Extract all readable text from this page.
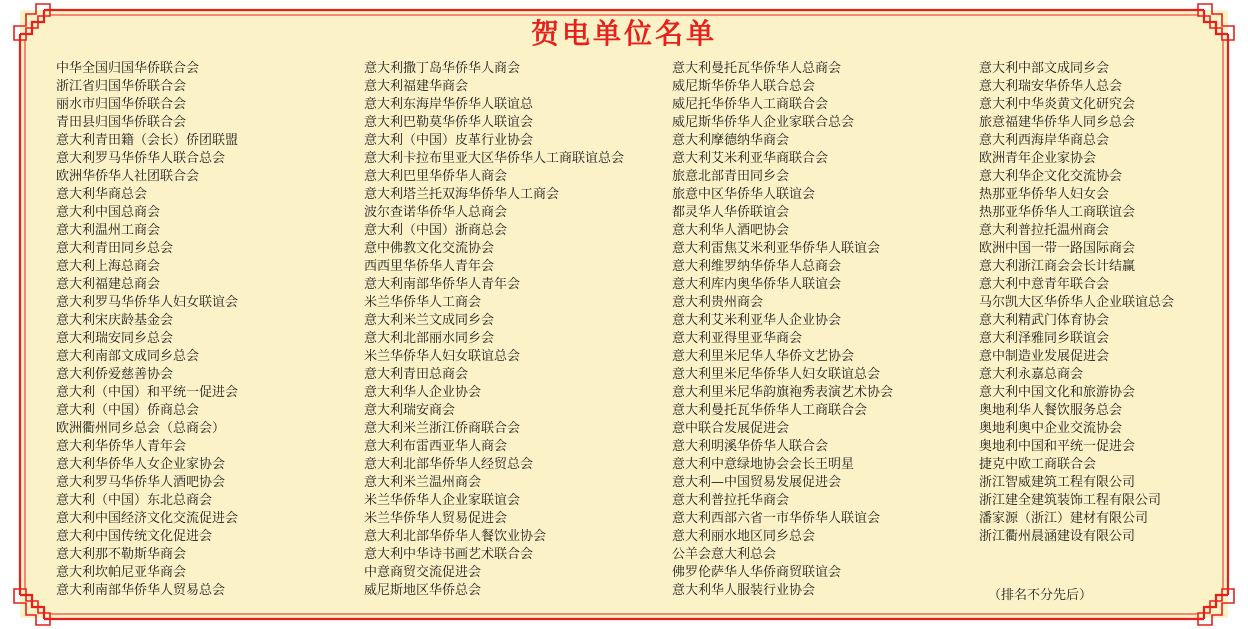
贺电单位名单
中华全国归国华侨联合会
浙江省归国华侨联合会
丽水市归国华侨联合会
青田县归国华侨联合会
意大利青田籍（会长）侨团联盟
意大利罗马华侨华人联合总会
欧洲华侨华人社团联合会
意大利华商总会
意大利中国总商会
意大利温州工商会
意大利青田同乡总会
意大利上海总商会
意大利福建总商会
意大利罗马华侨华人妇女联谊会
意大利宋庆龄基金会
意大利瑞安同乡总会
意大利南部文成同乡总会
意大利侨爱慈善协会
意大利（中国）和平统一促进会
意大利（中国）侨商总会
欧洲衢州同乡总会（总商会）
意大利华侨华人青年会
意大利华侨华人女企业家协会
意大利罗马华侨华人酒吧协会
意大利（中国）东北总商会
意大利中国经济文化交流促进会
意大利中国传统文化促进会
意大利那不勒斯华商会
意大利坎帕尼亚华商会
意大利南部华侨华人贸易总会
意大利撒丁岛华侨华人商会
意大利福建华商会
意大利东海岸华侨华人联谊总
意大利巴勒莫华侨华人联谊会
意大利（中国）皮革行业协会
意大利卡拉布里亚大区华侨华人工商联谊总会
意大利巴里华侨华人商会
意大利塔兰托双海华侨华人工商会
波尔查诺华侨华人总商会
意大利（中国）浙商总会
意中佛教文化交流协会
西西里华侨华人青年会
意大利南部华侨华人青年会
米兰华侨华人工商会
意大利米兰文成同乡会
意大利北部丽水同乡会
米兰华侨华人妇女联谊总会
意大利青田总商会
意大利华人企业协会
意大利瑞安商会
意大利米兰浙江侨商联合会
意大利布雷西亚华人商会
意大利北部华侨华人经贸总会
意大利米兰温州商会
米兰华侨华人企业家联谊会
米兰华侨华人贸易促进会
意大利北部华侨华人餐饮业协会
意大利中华诗书画艺术联合会
中意商贸交流促进会
威尼斯地区华侨总会
意大利曼托瓦华侨华人总商会
威尼斯华侨华人联合总会
威尼托华侨华人工商联合会
威尼斯华侨华人企业家联合总会
意大利摩德纳华商会
意大利艾米利亚华商联合会
旅意北部青田同乡会
旅意中区华侨华人联谊会
都灵华人华侨联谊会
意大利华人酒吧协会
意大利雷焦艾米利亚华侨华人联谊会
意大利维罗纳华侨华人总商会
意大利库内奥华侨华人联谊会
意大利贵州商会
意大利艾米利亚华人企业协会
意大利亚得里亚华商会
意大利里米尼华人华侨文艺协会
意大利里米尼华侨华人妇女联谊总会
意大利里米尼华韵旗袍秀表演艺术协会
意大利曼托瓦华侨华人工商联合会
意中联合发展促进会
意大利明溪华侨华人联合会
意大利中意绿地协会会长王明星
意大利—中国贸易发展促进会
意大利普拉托华商会
意大利西部六省一市华侨华人联谊会
意大利丽水地区同乡总会
公羊会意大利总会
佛罗伦萨华人华侨商贸联谊会
意大利华人服装行业协会
意大利中部文成同乡会
意大利瑞安华侨华人总会
意大利中华炎黄文化研究会
旅意福建华侨华人同乡总会
意大利西海岸华商总会
欧洲青年企业家协会
意大利华企文化交流协会
热那亚华侨华人妇女会
热那亚华侨华人工商联谊会
意大利普拉托温州商会
欧洲中国一带一路国际商会
意大利浙江商会会长计结赢
意大利中意青年联合会
马尔凯大区华侨华人企业联谊总会
意大利精武门体育协会
意大利泽雅同乡联谊会
意中制造业发展促进会
意大利永嘉总商会
意大利中国文化和旅游协会
奥地利华人餐饮服务总会
奥地利奥中企业交流协会
奥地利中国和平统一促进会
捷克中欧工商联合会
浙江智威建筑工程有限公司
浙江建全建筑装饰工程有限公司
潘家源（浙江）建材有限公司
浙江衢州晨涵建设有限公司
（排名不分先后）
